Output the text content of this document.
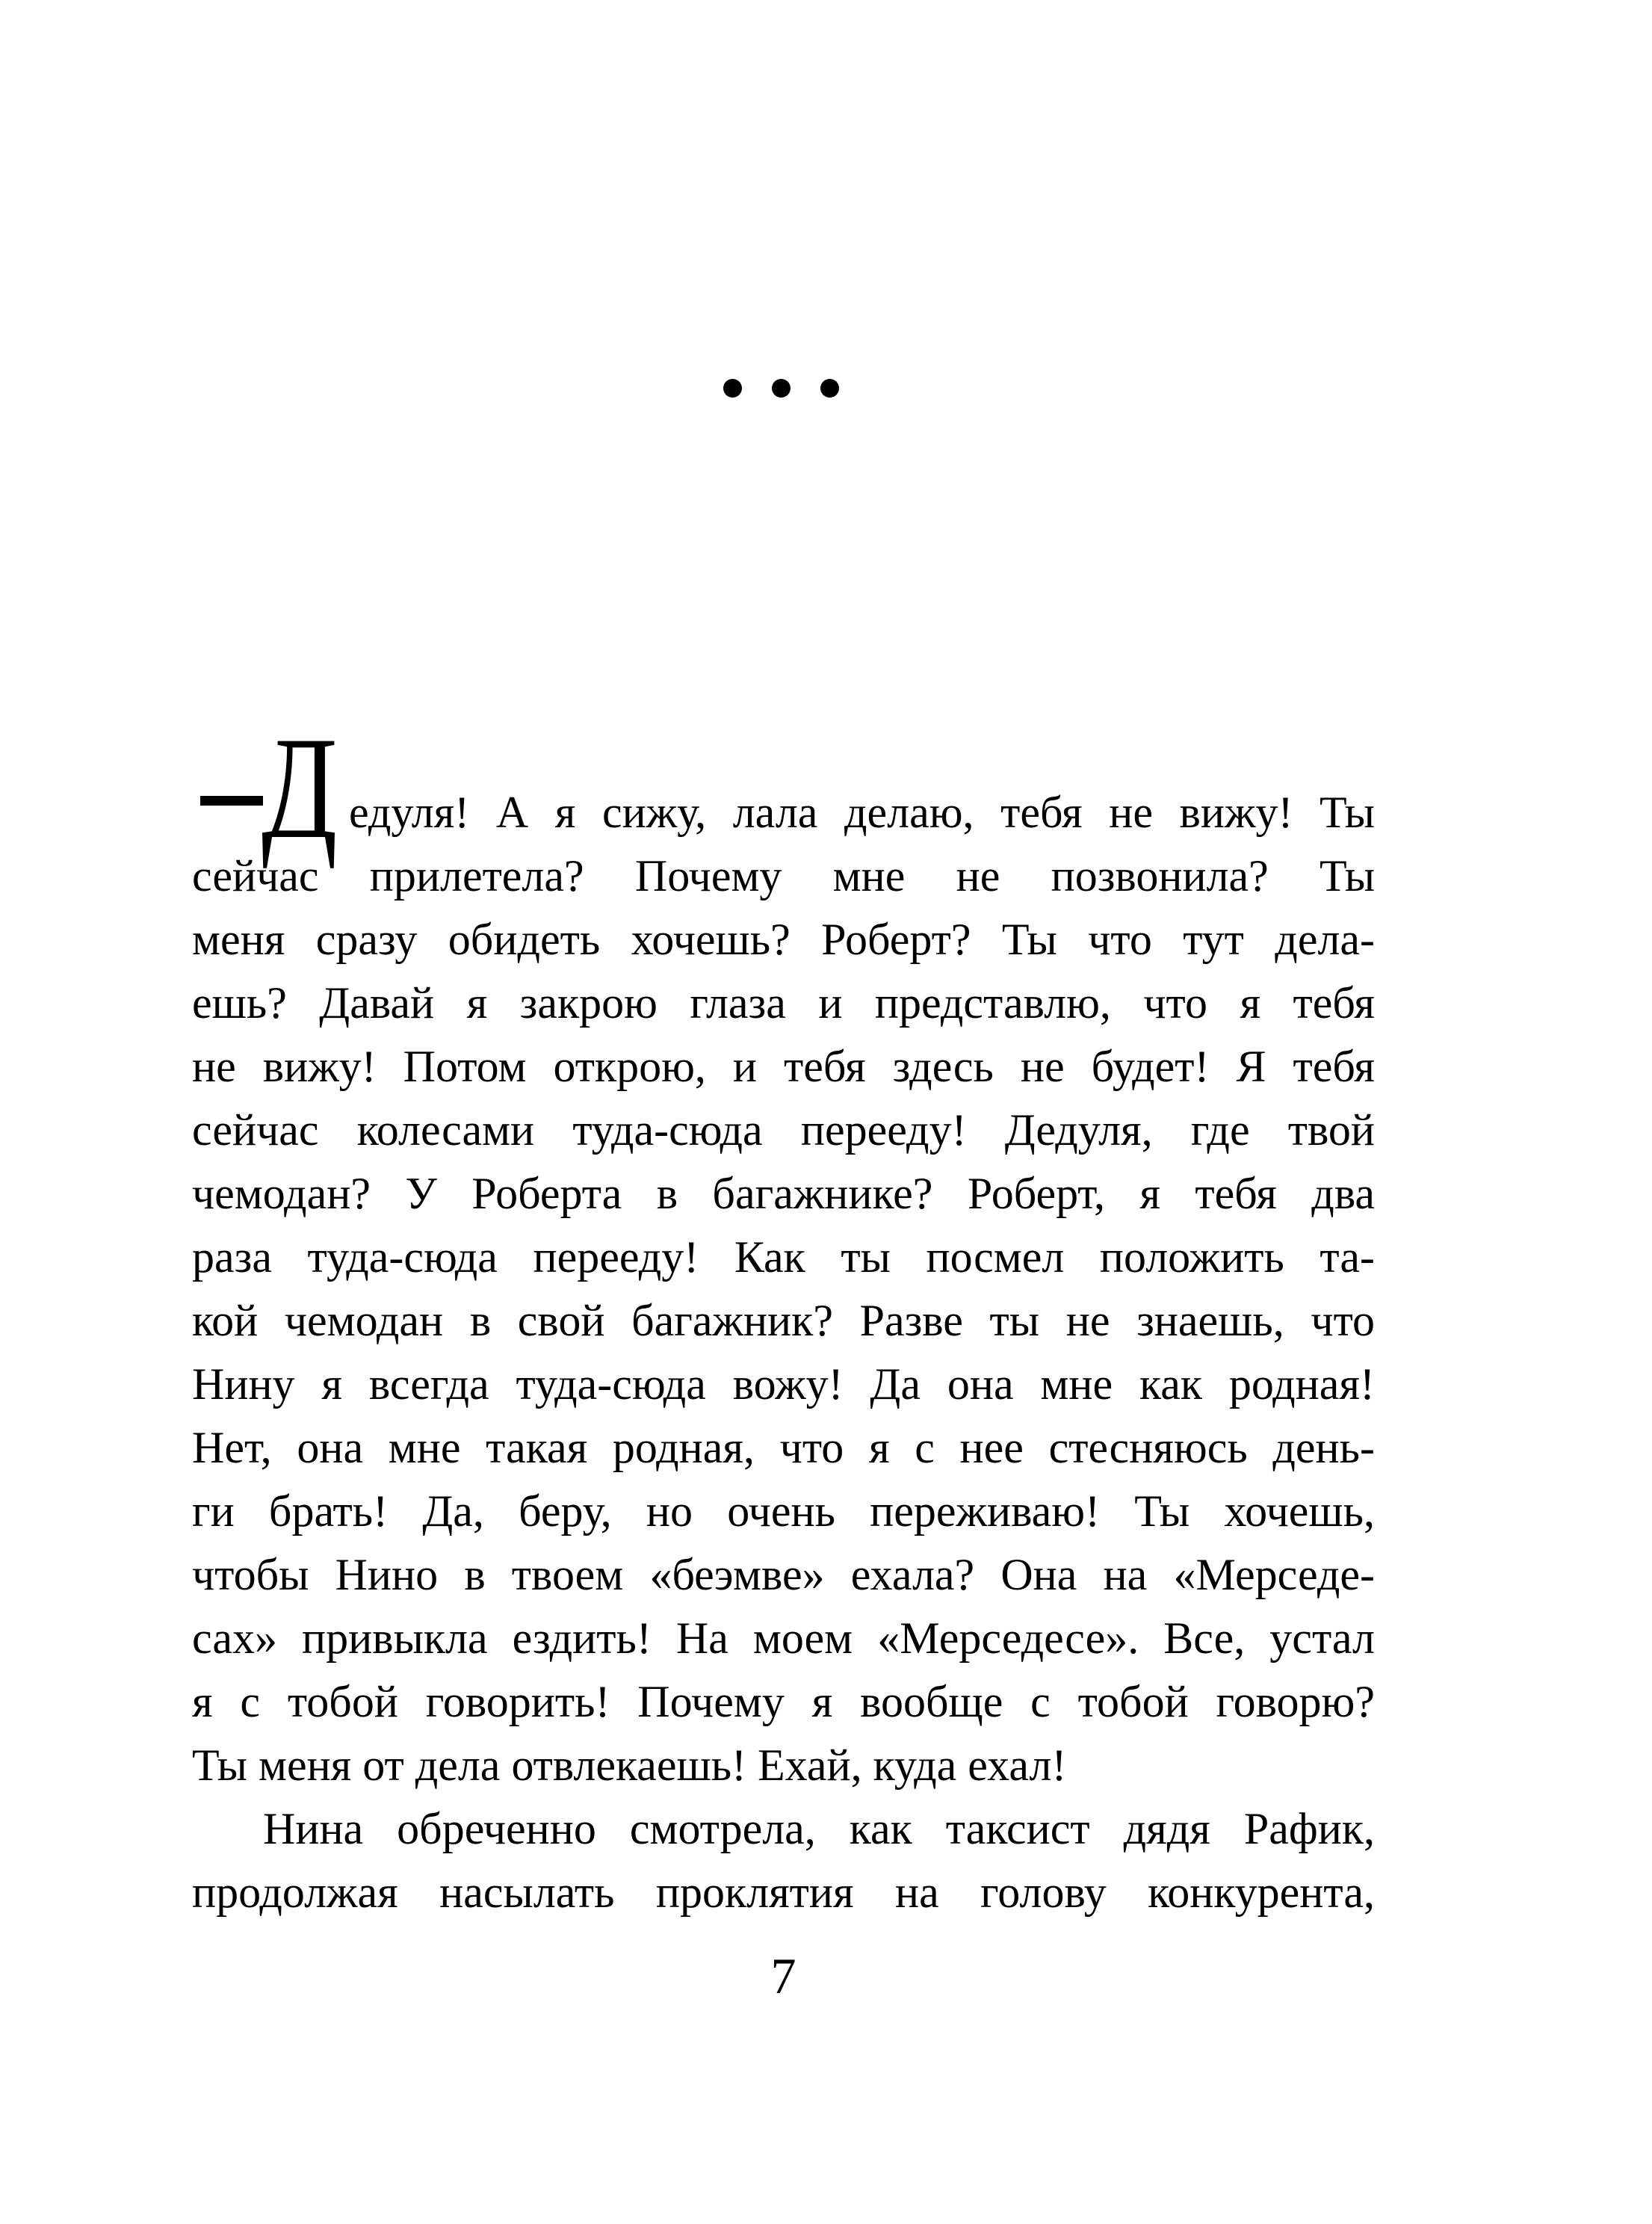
Д едуля! А я сижу, лала делаю, тебя не вижу! Ты
сейчас прилетела? Почему мне не позвонила? Ты
меня сразу обидеть хочешь? Роберт? Ты что тут дела-
ешь? Давай я закрою глаза и представлю, что я тебя
не вижу! Потом открою, и тебя здесь не будет! Я тебя
сейчас колесами туда-сюда перееду! Дедуля, где твой
чемодан? У Роберта в багажнике? Роберт, я тебя два
раза туда-сюда перееду! Как ты посмел положить та-
кой чемодан в свой багажник? Разве ты не знаешь, что
Нину я всегда туда-сюда вожу! Да она мне как родная!
Нет, она мне такая родная, что я с нее стесняюсь день-
ги брать! Да, беру, но очень переживаю! Ты хочешь,
чтобы Нино в твоем «беэмве» ехала? Она на «Мерседе-
сах» привыкла ездить! На моем «Мерседесе». Все, устал
я с тобой говорить! Почему я вообще с тобой говорю?
Ты меня от дела отвлекаешь! Ехай, куда ехал!
Нина обреченно смотрела, как таксист дядя Рафик,
продолжая насылать проклятия на голову конкурента,
7
